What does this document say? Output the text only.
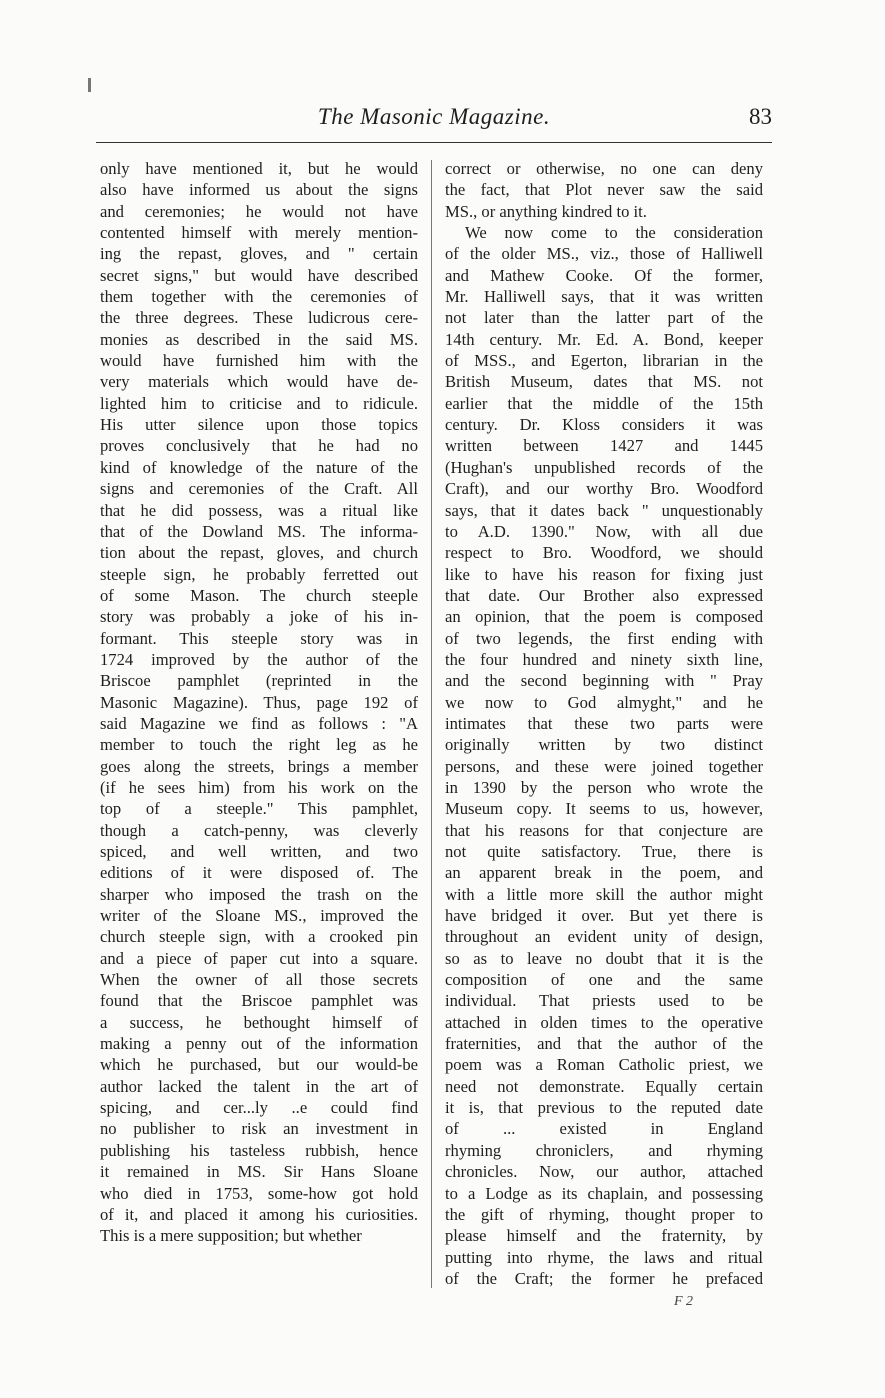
The Masonic Magazine.	83
only have mentioned it, but he would
also have informed us about the signs
and ceremonies; he would not have
contented himself with merely mention-
ing the repast, gloves, and " certain
secret signs," but would have described
them together with the ceremonies of
the three degrees. These ludicrous cere-
monies as described in the said MS.
would have furnished him with the
very materials which would have de-
lighted him to criticise and to ridicule.
His utter silence upon those topics
proves conclusively that he had no
kind of knowledge of the nature of the
signs and ceremonies of the Craft. All
that he did possess, was a ritual like
that of the Dowland MS. The informa-
tion about the repast, gloves, and church
steeple sign, he probably ferretted out
of some Mason. The church steeple
story was probably a joke of his in-
formant. This steeple story was in
1724 improved by the author of the
Briscoe pamphlet (reprinted in the
Masonic Magazine). Thus, page 192 of
said Magazine we find as follows : "A
member to touch the right leg as he
goes along the streets, brings a member
(if he sees him) from his work on the
top of a steeple." This pamphlet,
though a catch-penny, was cleverly
spiced, and well written, and two
editions of it were disposed of. The
sharper who imposed the trash on the
writer of the Sloane MS., improved the
church steeple sign, with a crooked pin
and a piece of paper cut into a square.
When the owner of all those secrets
found that the Briscoe pamphlet was
a success, he bethought himself of
making a penny out of the information
which he purchased, but our would-be
author lacked the talent in the art of
spicing, and cer...ly ..e could find
no publisher to risk an investment in
publishing his tasteless rubbish, hence
it remained in MS. Sir Hans Sloane
who died in 1753, some-how got hold
of it, and placed it among his curiosities.
This is a mere supposition; but whether
correct or otherwise, no one can deny
the fact, that Plot never saw the said
MS., or anything kindred to it.
We now come to the consideration
of the older MS., viz., those of Halliwell
and Mathew Cooke. Of the former,
Mr. Halliwell says, that it was written
not later than the latter part of the
14th century. Mr. Ed. A. Bond, keeper
of MSS., and Egerton, librarian in the
British Museum, dates that MS. not
earlier that the middle of the 15th
century. Dr. Kloss considers it was
written between 1427 and 1445
(Hughan's unpublished records of the
Craft), and our worthy Bro. Woodford
says, that it dates back " unquestionably
to A.D. 1390." Now, with all due
respect to Bro. Woodford, we should
like to have his reason for fixing just
that date. Our Brother also expressed
an opinion, that the poem is composed
of two legends, the first ending with
the four hundred and ninety sixth line,
and the second beginning with " Pray
we now to God almyght," and he
intimates that these two parts were
originally written by two distinct
persons, and these were joined together
in 1390 by the person who wrote the
Museum copy. It seems to us, however,
that his reasons for that conjecture are
not quite satisfactory. True, there is
an apparent break in the poem, and
with a little more skill the author might
have bridged it over. But yet there is
throughout an evident unity of design,
so as to leave no doubt that it is the
composition of one and the same
individual. That priests used to be
attached in olden times to the operative
fraternities, and that the author of the
poem was a Roman Catholic priest, we
need not demonstrate. Equally certain
it is, that previous to the reputed date
of ... existed in England
rhyming chroniclers, and rhyming
chronicles. Now, our author, attached
to a Lodge as its chaplain, and possessing
the gift of rhyming, thought proper to
please himself and the fraternity, by
putting into rhyme, the laws and ritual
of the Craft; the former he prefaced
F 2
